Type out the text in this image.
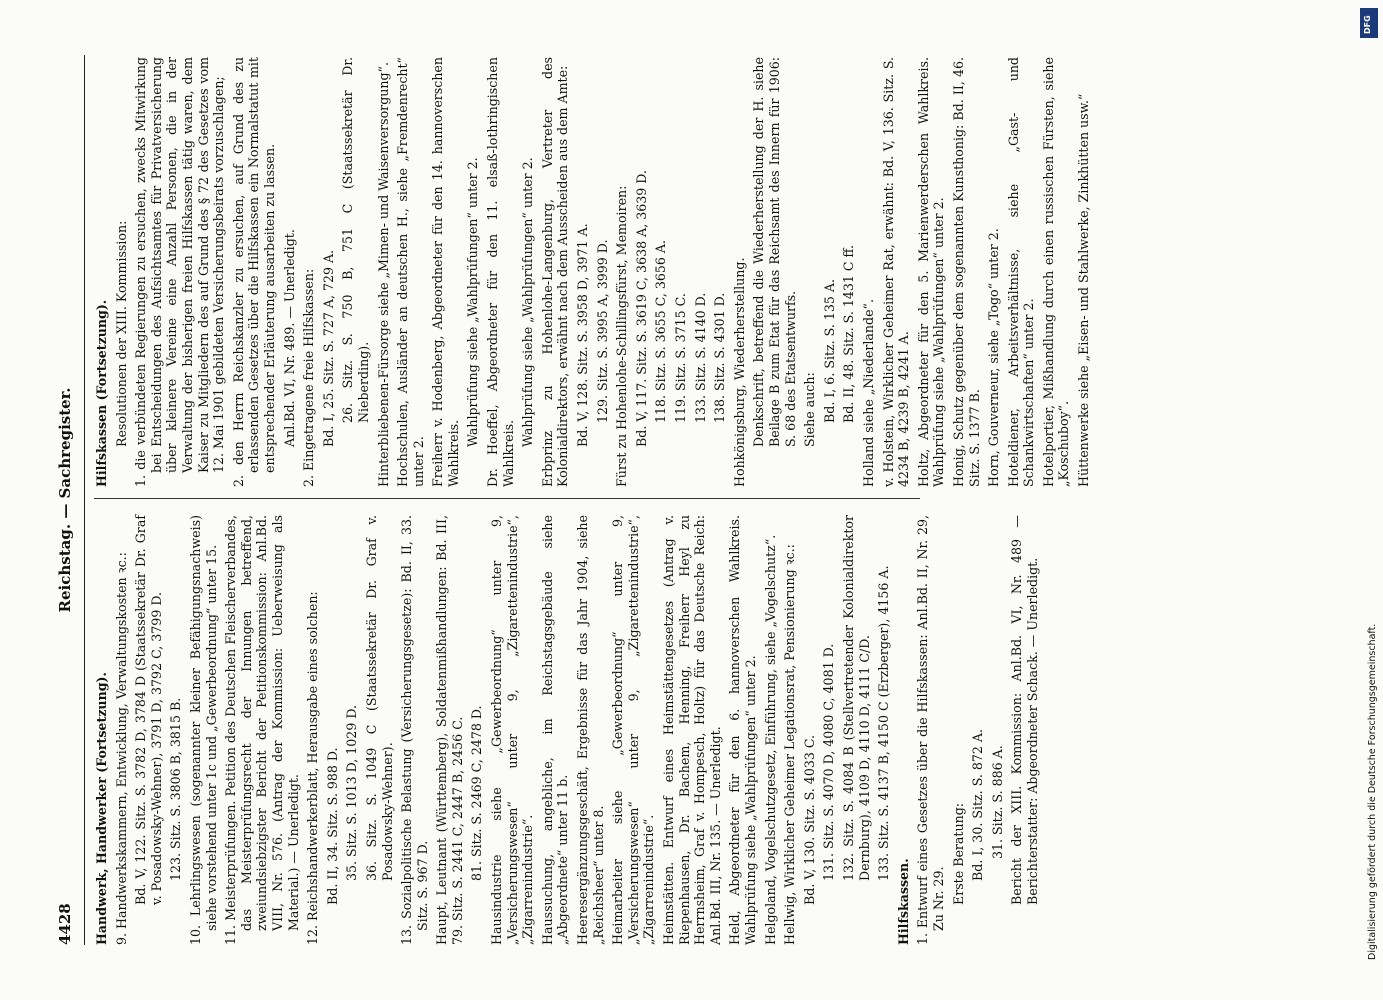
4428
Reichstag. — Sachregister.
Handwerk, Handwerker (Fortsetzung). 9. Handwerkskammern, Entwicklung, Verwaltungskosten ꝛc.: Bd. V, 122. Sitz. S. 3782 D, 3784 D (Staatssekretär Dr. Graf v. Posadowsky-Wehner), 3791 D, 3792 C, 3799 D. 123. Sitz. S. 3806 B, 3815 B. 10. Lehrlingswesen (sogenannter kleiner Befähigungsnachweis) siehe vorstehend unter 1c und „Gewerbeordnung“ unter 15. 11. Meisterprüfungen. Petition des Deutschen Fleischerverbandes, das Meisterprüfungsrecht der Innungen betreffend, zweiundsiebzigster Bericht der Petitionskommission: Anl.Bd. VIII, Nr. 576. (Antrag der Kommission: Ueberweisung als Material.) — Unerledigt. 12. Reichshandwerkerblatt, Herausgabe eines solchen: Bd. II, 34. Sitz. S. 988 D. 35. Sitz. S. 1013 D, 1029 D. 36. Sitz. S. 1049 C (Staatssekretär Dr. Graf v. Posadowsky-Wehner). 13. Sozialpolitische Belastung (Versicherungsgesetze): Bd. II, 33. Sitz. S. 967 D. Haupt, Leutnant (Württemberg), Soldatenmißhandlungen: Bd. III, 79. Sitz. S. 2441 C, 2447 B, 2456 C. 81. Sitz. S. 2469 C, 2478 D. Hausindustrie siehe „Gewerbeordnung“ unter 9, „Versicherungswesen“ unter 9, „Zigarettenindustrie“, „Zigarrenindustrie“. Haussuchung, angebliche, im Reichstagsgebäude siehe „Abgeordnete“ unter 11 b. Heeresergänzungsgeschäft, Ergebnisse für das Jahr 1904, siehe „Reichsheer“ unter 8. Heimarbeiter siehe „Gewerbeordnung“ unter 9, „Versicherungswesen“ unter 9, „Zigarettenindustrie“, „Zigarrenindustrie“. Heimstätten. Entwurf eines Heimstättengesetzes (Antrag v. Riepenhausen, Dr. Bachem, Henning, Freiherr Heyl zu Herrnsheim, Graf v. Hompesch, Holtz) für das Deutsche Reich: Anl.Bd. III, Nr. 135. — Unerledigt. Held, Abgeordneter für den 6. hannoverschen Wahlkreis. Wahlprüfung siehe „Wahlprüfungen“ unter 2. Helgoland, Vogelschutzgesetz, Einführung, siehe „Vogelschutz“. Hellwig, Wirklicher Geheimer Legationsrat, Pensionierung ꝛc.: Bd. V, 130. Sitz. S. 4033 C. 131. Sitz. S. 4070 D, 4080 C, 4081 D. 132. Sitz. S. 4084 B (Stellvertretender Kolonialdirektor Dernburg), 4109 D, 4110 D, 4111 C/D. 133. Sitz. S. 4137 B, 4150 C (Erzberger), 4156 A.
Hilfskassen. 1. Entwurf eines Gesetzes über die Hilfskassen: Anl.Bd. II, Nr. 29, Zu Nr. 29. Erste Beratung: Bd. I, 30. Sitz. S. 872 A. 31. Sitz. S. 886 A. Bericht der XIII. Kommission: Anl.Bd. VI, Nr. 489 — Berichterstatter: Abgeordneter Schack. — Unerledigt.
Hilfskassen (Fortsetzung). Resolutionen der XIII. Kommission: 1. die verbündeten Regierungen zu ersuchen, zwecks Mitwirkung bei Entscheidungen des Aufsichtsamtes für Privatversicherung über kleinere Vereine eine Anzahl Personen, die in der Verwaltung der bisherigen freien Hilfskassen tätig waren, dem Kaiser zu Mitgliedern des auf Grund des § 72 des Gesetzes vom 12. Mai 1901 gebildeten Versicherungsbeirats vorzuschlagen; 2. den Herrn Reichskanzler zu ersuchen, auf Grund des zu erlassenden Gesetzes über die Hilfskassen ein Normalstatut mit entsprechender Erläuterung ausarbeiten zu lassen. Anl.Bd. VI, Nr. 489. — Unerledigt. 2. Eingetragene freie Hilfskassen: Bd. I, 25. Sitz. S. 727 A, 729 A. 26. Sitz. S. 750 B, 751 C (Staatssekretär Dr. Nieberding). Hinterbliebenen-Fürsorge siehe „Mimen- und Waisenversorgung“. Hochschulen, Ausländer an deutschen H., siehe „Fremdenrecht“ unter 2. Freiherr v. Hodenberg, Abgeordneter für den 14. hannoverschen Wahlkreis.
Wahlprüfung siehe „Wahlprüfungen“ unter 2. Dr. Hoeffel, Abgeordneter für den 11. elsaß-lothringischen Wahlkreis.
Wahlprüfung siehe „Wahlprüfungen“ unter 2. Erbprinz zu Hohenlohe-Langenburg, Vertreter des Kolonialdirektors, erwähnt nach dem Ausscheiden aus dem Amte: Bd. V, 128. Sitz. S. 3958 D, 3971 A. 129. Sitz. S. 3995 A, 3999 D. Fürst zu Hohenlohe-Schillingsfürst, Memoiren: Bd. V, 117. Sitz. S. 3619 C, 3638 A, 3639 D. 118. Sitz. S. 3655 C, 3656 A. 119. Sitz. S. 3715 C. 133. Sitz. S. 4140 D. 138. Sitz. S. 4301 D. Hohkönigsburg, Wiederherstellung. Denkschrift, betreffend die Wiederherstellung der H. siehe Beilage B zum Etat für das Reichsamt des Innern für 1906: S. 68 des Etatsentwurfs. Siehe auch: Bd. I, 6. Sitz. S. 135 A. Bd. II, 48. Sitz. S. 1431 C ff. Holland siehe „Niederlande“. v. Holstein, Wirklicher Geheimer Rat, erwähnt: Bd. V, 136. Sitz. S. 4234 B, 4239 B, 4241 A. Holtz, Abgeordneter für den 5. Marienwerderschen Wahlkreis. Wahlprüfung siehe „Wahlprüfungen“ unter 2. Honig, Schutz gegenüber dem sogenannten Kunsthonig: Bd. II, 46. Sitz. S. 1377 B. Horn, Gouverneur, siehe „Togo“ unter 2. Hoteldiener, Arbeitsverhältnisse, siehe „Gast- und Schankwirtschaften“ unter 2. Hotelportier, Mißhandlung durch einen russischen Fürsten, siehe „Koschuboy“. Hüttenwerke siehe „Eisen- und Stahlwerke, Zinkhütten usw.“
DFG
Digitalisierung gefördert durch die Deutsche Forschungsgemeinschaft.
